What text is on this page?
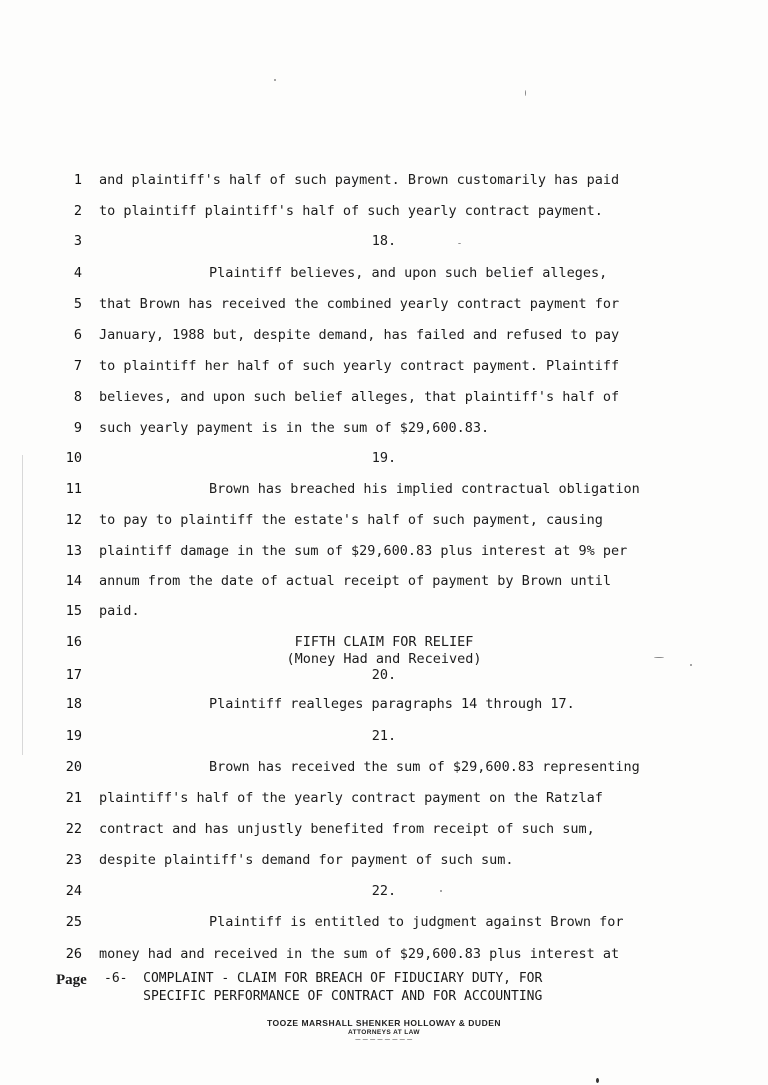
1 and plaintiff's half of such payment. Brown customarily has paid
2 to plaintiff plaintiff's half of such yearly contract payment.
3	18.
4	Plaintiff believes, and upon such belief alleges,
5 that Brown has received the combined yearly contract payment for
6 January, 1988 but, despite demand, has failed and refused to pay
7 to plaintiff her half of such yearly contract payment. Plaintiff
8 believes, and upon such belief alleges, that plaintiff's half of
9 such yearly payment is in the sum of $29,600.83.
10	19.
11	Brown has breached his implied contractual obligation
12 to pay to plaintiff the estate's half of such payment, causing
13 plaintiff damage in the sum of $29,600.83 plus interest at 9% per
14 annum from the date of actual receipt of payment by Brown until
15 paid.
16	FIFTH CLAIM FOR RELIEF
(Money Had and Received)
17	20.
18	Plaintiff realleges paragraphs 14 through 17.
19	21.
20	Brown has received the sum of $29,600.83 representing
21 plaintiff's half of the yearly contract payment on the Ratzlaf
22 contract and has unjustly benefited from receipt of such sum,
23 despite plaintiff's demand for payment of such sum.
24	22.
25	Plaintiff is entitled to judgment against Brown for
26 money had and received in the sum of $29,600.83 plus interest at
Page -6- COMPLAINT - CLAIM FOR BREACH OF FIDUCIARY DUTY, FOR
SPECIFIC PERFORMANCE OF CONTRACT AND FOR ACCOUNTING
TOOZE MARSHALL SHENKER HOLLOWAY & DUDEN
ATTORNEYS AT LAW
— — — — — — — —
